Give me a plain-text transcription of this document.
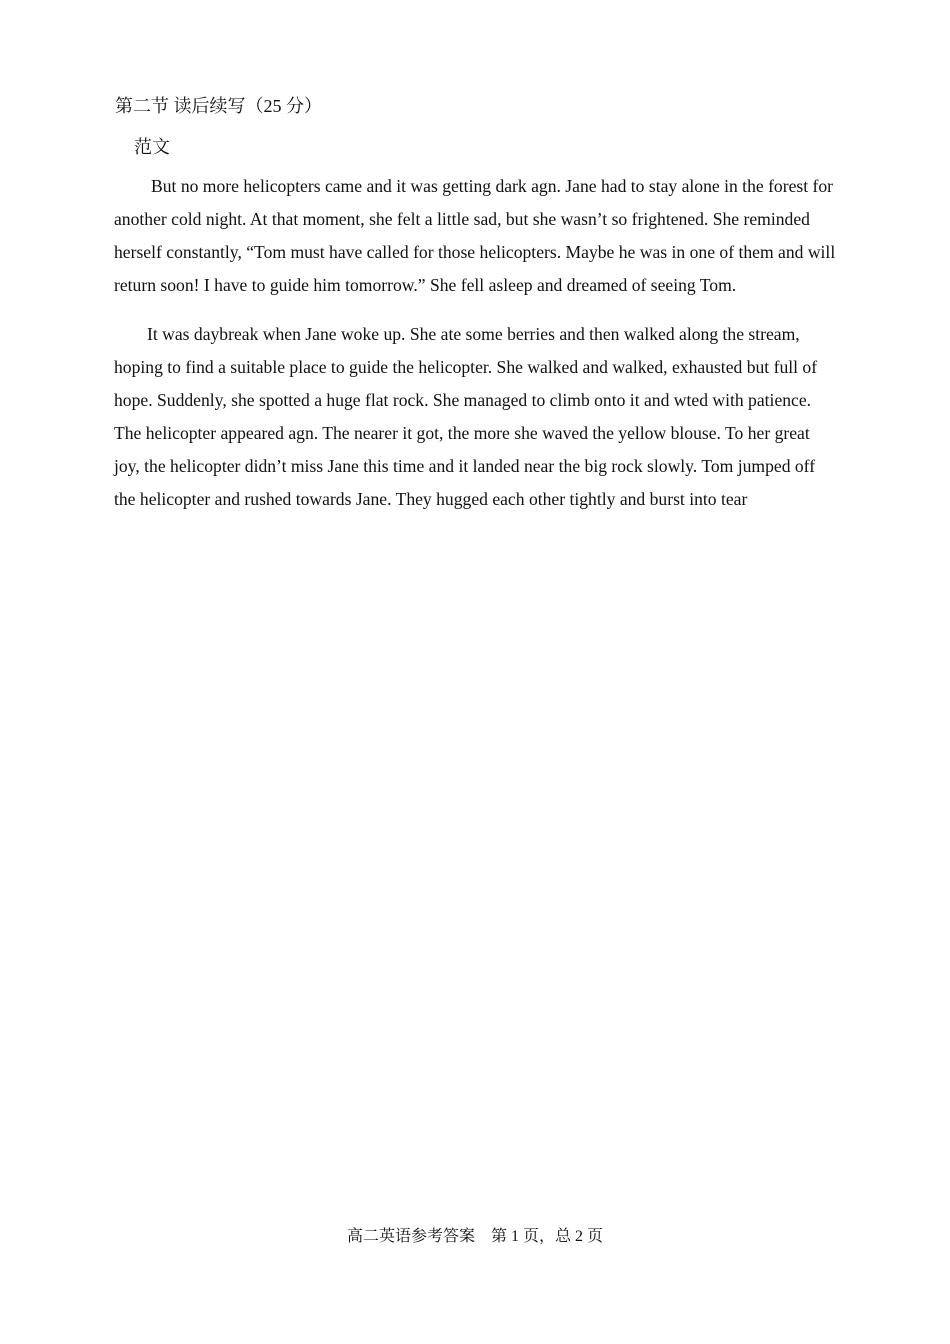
第二节 读后续写（25 分）
范文

But no more helicopters came and it was getting dark agn. Jane had to stay alone in the forest for another cold night. At that moment, she felt a little sad, but she wasn’t so frightened. She reminded herself constantly, “Tom must have called for those helicopters. Maybe he was in one of them and will return soon! I have to guide him tomorrow.” She fell asleep and dreamed of seeing Tom.

It was daybreak when Jane woke up. She ate some berries and then walked along the stream, hoping to find a suitable place to guide the helicopter. She walked and walked, exhausted but full of hope. Suddenly, she spotted a huge flat rock. She managed to climb onto it and wted with patience. The helicopter appeared agn. The nearer it got, the more she waved the yellow blouse. To her great joy, the helicopter didn’t miss Jane this time and it landed near the big rock slowly. Tom jumped off the helicopter and rushed towards Jane. They hugged each other tightly and burst into tear

高二英语参考答案    第 1 页，总 2 页
